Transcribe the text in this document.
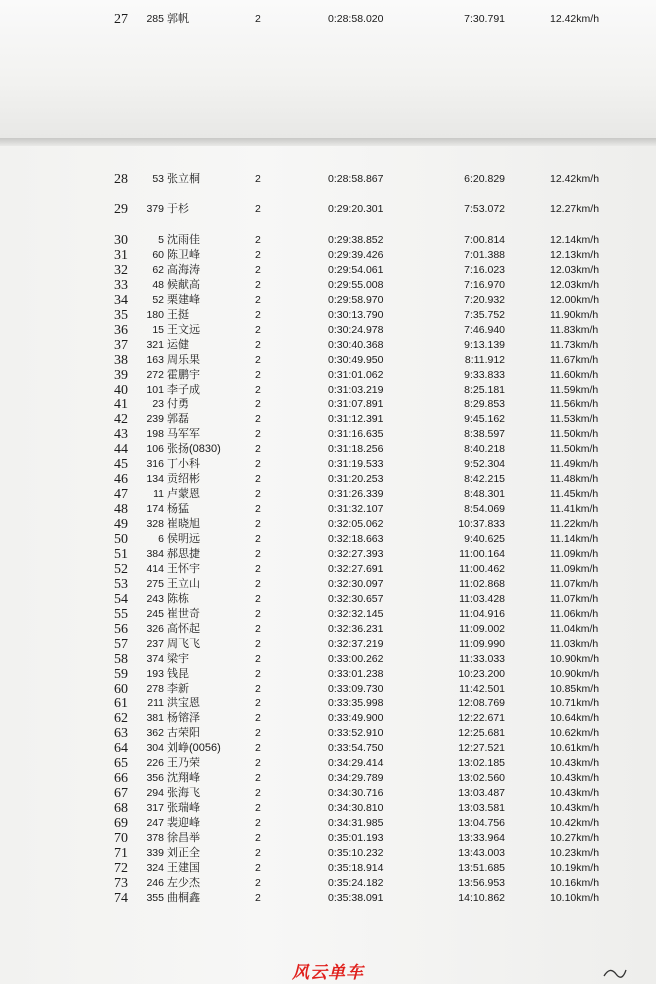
27	285 郭帆	2	0:28:58.020	7:30.791	12.42km/h
28	53 张立桐	2	0:28:58.867	6:20.829	12.42km/h
29	379 于杉	2	0:29:20.301	7:53.072	12.27km/h
30	5 沈雨佳	2	0:29:38.852	7:00.814	12.14km/h
31	60 陈卫峰	2	0:29:39.426	7:01.388	12.13km/h
32	62 高海涛	2	0:29:54.061	7:16.023	12.03km/h
33	48 候献高	2	0:29:55.008	7:16.970	12.03km/h
34	52 栗建峰	2	0:29:58.970	7:20.932	12.00km/h
35	180 王挺	2	0:30:13.790	7:35.752	11.90km/h
36	15 王文远	2	0:30:24.978	7:46.940	11.83km/h
37	321 运健	2	0:30:40.368	9:13.139	11.73km/h
38	163 周乐果	2	0:30:49.950	8:11.912	11.67km/h
39	272 霍鹏宇	2	0:31:01.062	9:33.833	11.60km/h
40	101 李子成	2	0:31:03.219	8:25.181	11.59km/h
41	23 付勇	2	0:31:07.891	8:29.853	11.56km/h
42	239 郭磊	2	0:31:12.391	9:45.162	11.53km/h
43	198 马军军	2	0:31:16.635	8:38.597	11.50km/h
44	106 张扬(0830)	2	0:31:18.256	8:40.218	11.50km/h
45	316 丁小科	2	0:31:19.533	9:52.304	11.49km/h
46	134 贡绍彬	2	0:31:20.253	8:42.215	11.48km/h
47	11 卢蒙恩	2	0:31:26.339	8:48.301	11.45km/h
48	174 杨猛	2	0:31:32.107	8:54.069	11.41km/h
49	328 崔晓旭	2	0:32:05.062	10:37.833	11.22km/h
50	6 侯明远	2	0:32:18.663	9:40.625	11.14km/h
51	384 郝思捷	2	0:32:27.393	11:00.164	11.09km/h
52	414 王怀宇	2	0:32:27.691	11:00.462	11.09km/h
53	275 王立山	2	0:32:30.097	11:02.868	11.07km/h
54	243 陈栋	2	0:32:30.657	11:03.428	11.07km/h
55	245 崔世奇	2	0:32:32.145	11:04.916	11.06km/h
56	326 高怀起	2	0:32:36.231	11:09.002	11.04km/h
57	237 周飞飞	2	0:32:37.219	11:09.990	11.03km/h
58	374 梁宇	2	0:33:00.262	11:33.033	10.90km/h
59	193 钱昆	2	0:33:01.238	10:23.200	10.90km/h
60	278 李新	2	0:33:09.730	11:42.501	10.85km/h
61	211 洪宝恩	2	0:33:35.998	12:08.769	10.71km/h
62	381 杨镕泽	2	0:33:49.900	12:22.671	10.64km/h
63	362 古荣阳	2	0:33:52.910	12:25.681	10.62km/h
64	304 刘峥(0056)	2	0:33:54.750	12:27.521	10.61km/h
65	226 王乃荣	2	0:34:29.414	13:02.185	10.43km/h
66	356 沈翔峰	2	0:34:29.789	13:02.560	10.43km/h
67	294 张海飞	2	0:34:30.716	13:03.487	10.43km/h
68	317 张瑞峰	2	0:34:30.810	13:03.581	10.43km/h
69	247 裴迎峰	2	0:34:31.985	13:04.756	10.42km/h
70	378 徐昌举	2	0:35:01.193	13:33.964	10.27km/h
71	339 刘正全	2	0:35:10.232	13:43.003	10.23km/h
72	324 王建国	2	0:35:18.914	13:51.685	10.19km/h
73	246 左少杰	2	0:35:24.182	13:56.953	10.16km/h
74	355 曲桐鑫	2	0:35:38.091	14:10.862	10.10km/h
风云单车
